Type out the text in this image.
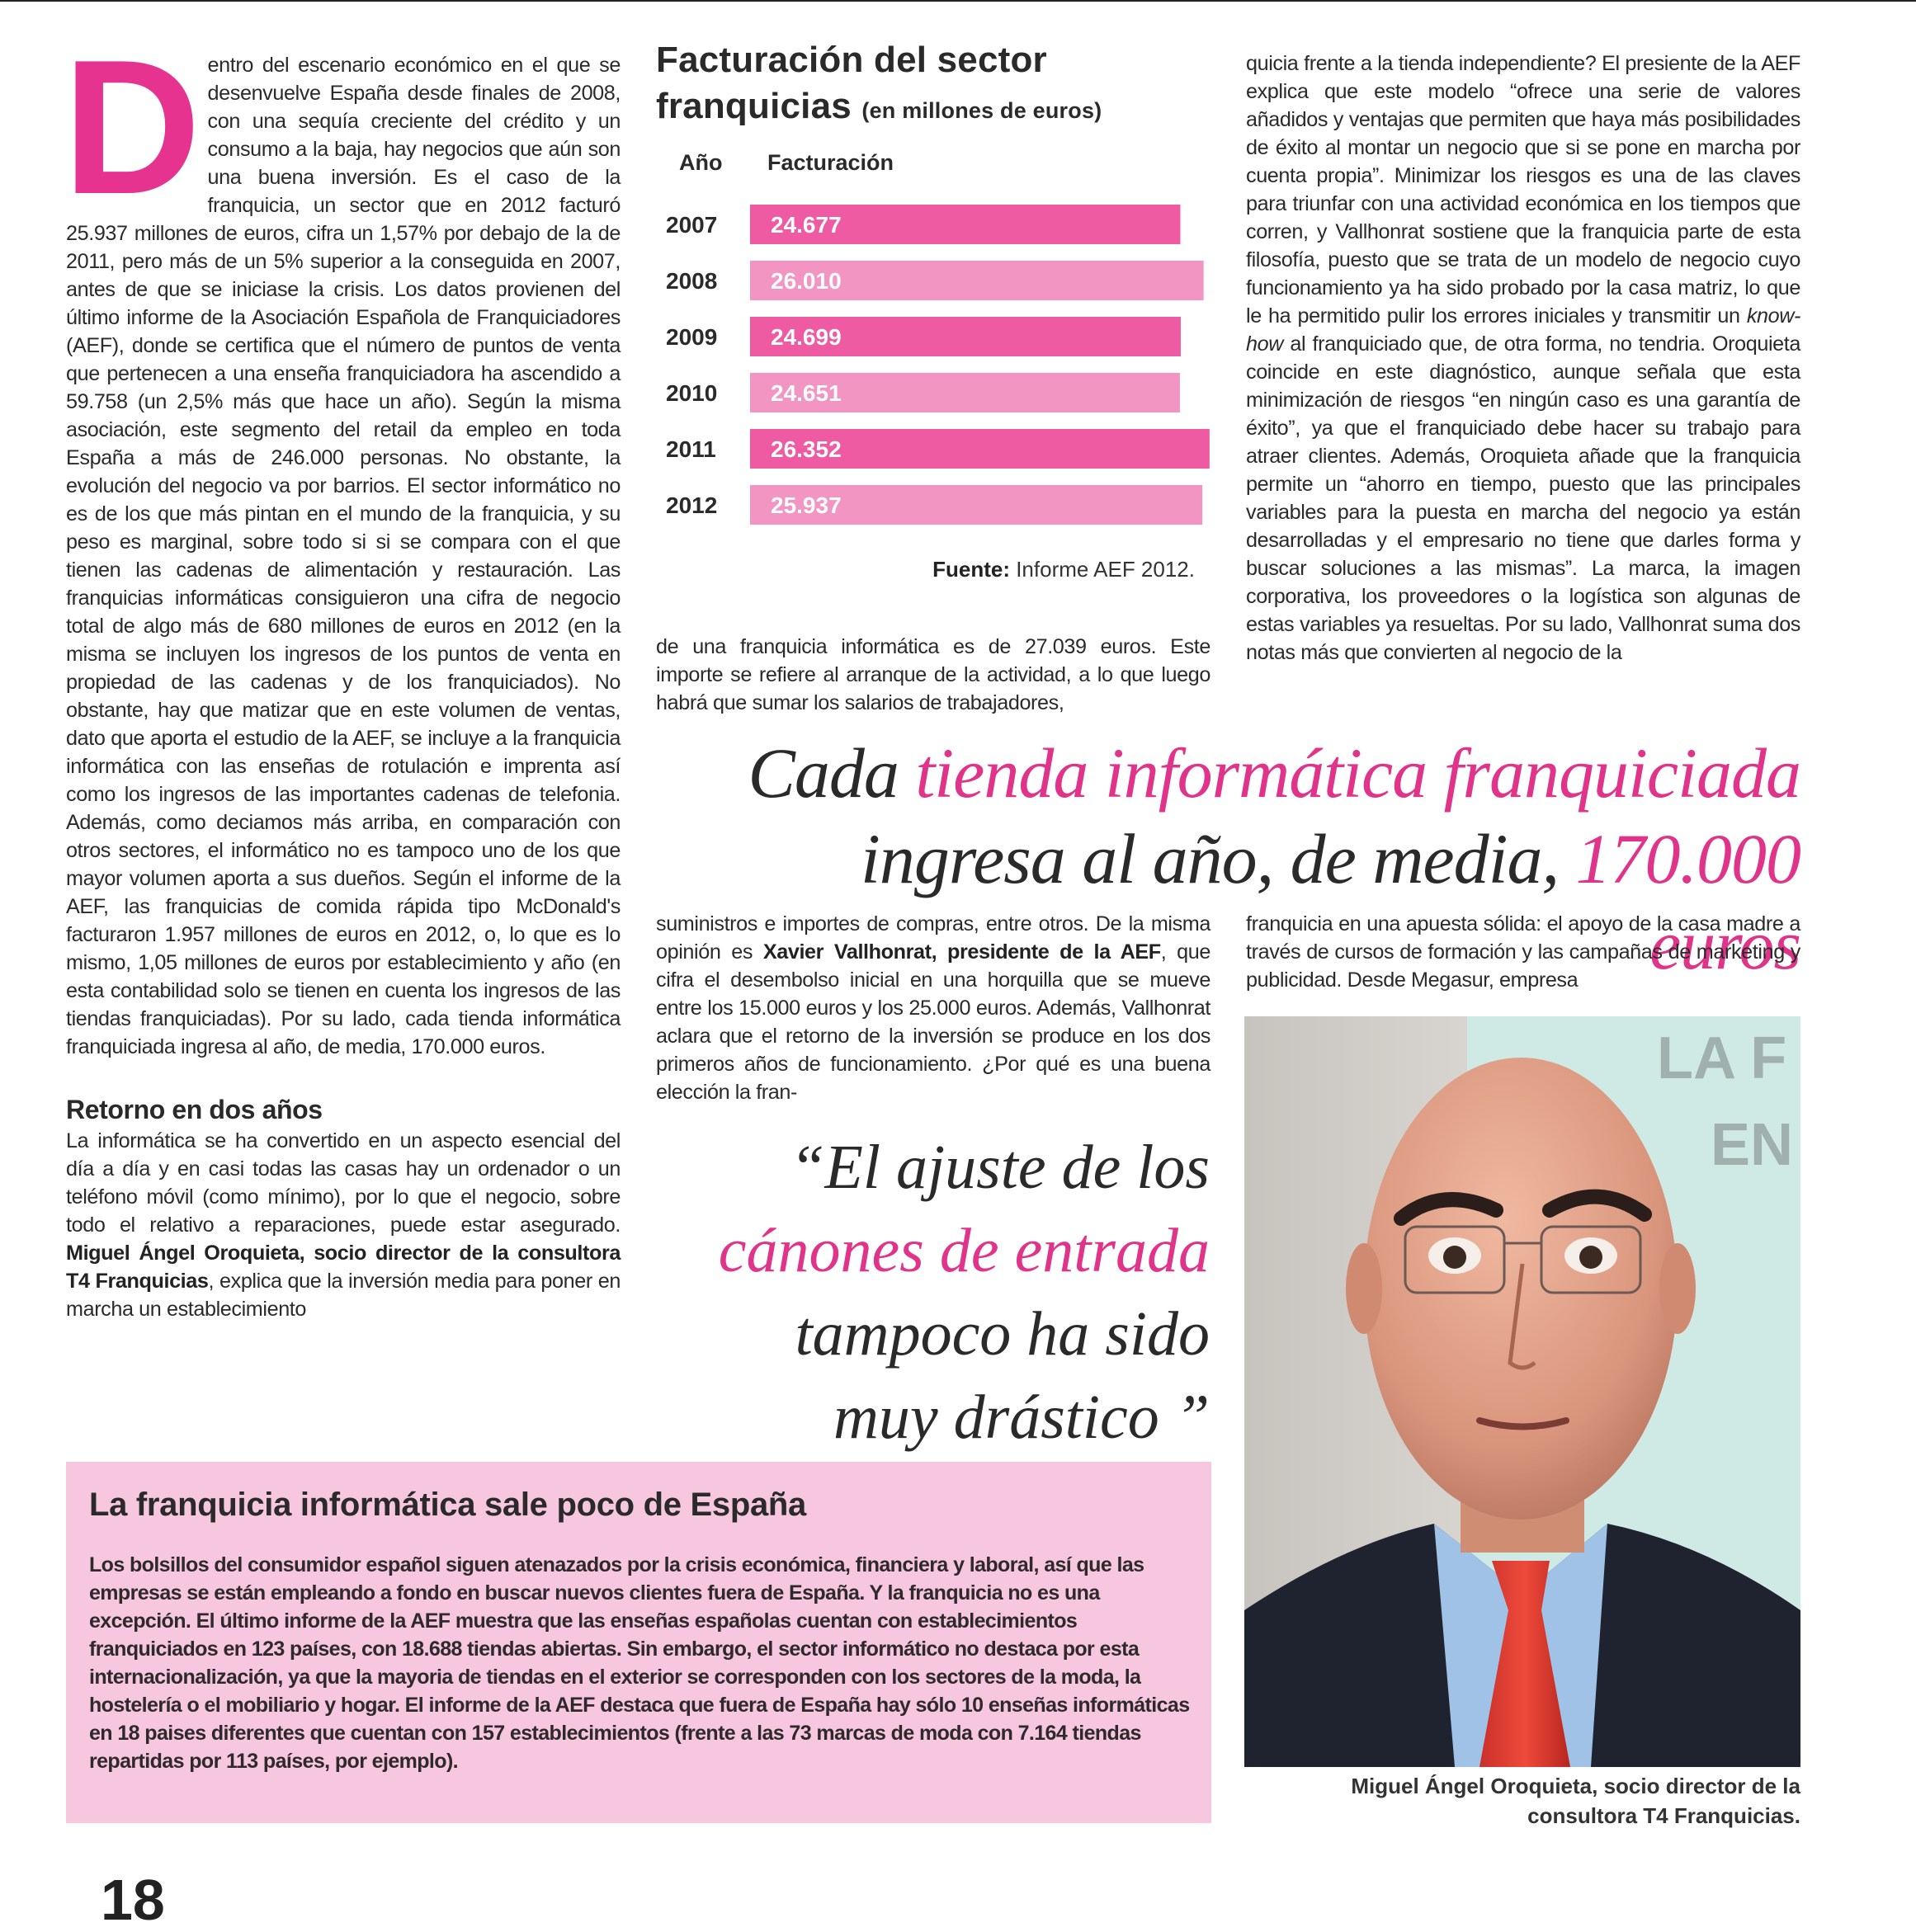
Dentro del escenario económico en el que se desenvuelve España desde finales de 2008, con una sequía creciente del crédito y un consumo a la baja, hay negocios que aún son una buena inversión. Es el caso de la franquicia, un sector que en 2012 facturó 25.937 millones de euros, cifra un 1,57% por debajo de la de 2011, pero más de un 5% superior a la conseguida en 2007, antes de que se iniciase la crisis. Los datos provienen del último informe de la Asociación Española de Franquiciadores (AEF), donde se certifica que el número de puntos de venta que pertenecen a una enseña franquiciadora ha ascendido a 59.758 (un 2,5% más que hace un año). Según la misma asociación, este segmento del retail da empleo en toda España a más de 246.000 personas. No obstante, la evolución del negocio va por barrios. El sector informático no es de los que más pintan en el mundo de la franquicia, y su peso es marginal, sobre todo si si se compara con el que tienen las cadenas de alimentación y restauración. Las franquicias informáticas consiguieron una cifra de negocio total de algo más de 680 millones de euros en 2012 (en la misma se incluyen los ingresos de los puntos de venta en propiedad de las cadenas y de los franquiciados). No obstante, hay que matizar que en este volumen de ventas, dato que aporta el estudio de la AEF, se incluye a la franquicia informática con las enseñas de rotulación e imprenta así como los ingresos de las importantes cadenas de telefonia. Además, como deciamos más arriba, en comparación con otros sectores, el informático no es tampoco uno de los que mayor volumen aporta a sus dueños. Según el informe de la AEF, las franquicias de comida rápida tipo McDonald's facturaron 1.957 millones de euros en 2012, o, lo que es lo mismo, 1,05 millones de euros por establecimiento y año (en esta contabilidad solo se tienen en cuenta los ingresos de las tiendas franquiciadas). Por su lado, cada tienda informática franquiciada ingresa al año, de media, 170.000 euros.

Retorno en dos años

La informática se ha convertido en un aspecto esencial del día a día y en casi todas las casas hay un ordenador o un teléfono móvil (como mínimo), por lo que el negocio, sobre todo el relativo a reparaciones, puede estar asegurado. Miguel Ángel Oroquieta, socio director de la consultora T4 Franquicias, explica que la inversión media para poner en marcha un establecimiento

Facturación del sector franquicias (en millones de euros)
Año Facturación
2007 24.677
2008 26.010
2009 24.699
2010 24.651
2011 26.352
2012 25.937
Fuente: Informe AEF 2012.

de una franquicia informática es de 27.039 euros. Este importe se refiere al arranque de la actividad, a lo que luego habrá que sumar los salarios de trabajadores,

quicia frente a la tienda independiente? El presiente de la AEF explica que este modelo “ofrece una serie de valores añadidos y ventajas que permiten que haya más posibilidades de éxito al montar un negocio que si se pone en marcha por cuenta propia”. Minimizar los riesgos es una de las claves para triunfar con una actividad económica en los tiempos que corren, y Vallhonrat sostiene que la franquicia parte de esta filosofía, puesto que se trata de un modelo de negocio cuyo funcionamiento ya ha sido probado por la casa matriz, lo que le ha permitido pulir los errores iniciales y transmitir un know-how al franquiciado que, de otra forma, no tendria. Oroquieta coincide en este diagnóstico, aunque señala que esta minimización de riesgos “en ningún caso es una garantía de éxito”, ya que el franquiciado debe hacer su trabajo para atraer clientes. Además, Oroquieta añade que la franquicia permite un “ahorro en tiempo, puesto que las principales variables para la puesta en marcha del negocio ya están desarrolladas y el empresario no tiene que darles forma y buscar soluciones a las mismas”. La marca, la imagen corporativa, los proveedores o la logística son algunas de estas variables ya resueltas. Por su lado, Vallhonrat suma dos notas más que convierten al negocio de la

Cada tienda informática franquiciada
ingresa al año, de media, 170.000 euros

suministros e importes de compras, entre otros. De la misma opinión es Xavier Vallhonrat, presidente de la AEF, que cifra el desembolso inicial en una horquilla que se mueve entre los 15.000 euros y los 25.000 euros. Además, Vallhonrat aclara que el retorno de la inversión se produce en los dos primeros años de funcionamiento. ¿Por qué es una buena elección la fran-

franquicia en una apuesta sólida: el apoyo de la casa madre a través de cursos de formación y las campañas de marketing y publicidad. Desde Megasur, empresa

“El ajuste de los
cánones de entrada
tampoco ha sido
muy drástico ”
LA F
EN
Miguel Ángel Oroquieta, socio director de la consultora T4 Franquicias.
La franquicia informática sale poco de España
Los bolsillos del consumidor español siguen atenazados por la crisis económica, financiera y laboral, así que las empresas se están empleando a fondo en buscar nuevos clientes fuera de España. Y la franquicia no es una excepción. El último informe de la AEF muestra que las enseñas españolas cuentan con establecimientos franquiciados en 123 países, con 18.688 tiendas abiertas. Sin embargo, el sector informático no destaca por esta internacionalización, ya que la mayoria de tiendas en el exterior se corresponden con los sectores de la moda, la hostelería o el mobiliario y hogar. El informe de la AEF destaca que fuera de España hay sólo 10 enseñas informáticas en 18 paises diferentes que cuentan con 157 establecimientos (frente a las 73 marcas de moda con 7.164 tiendas repartidas por 113 países, por ejemplo).
18
